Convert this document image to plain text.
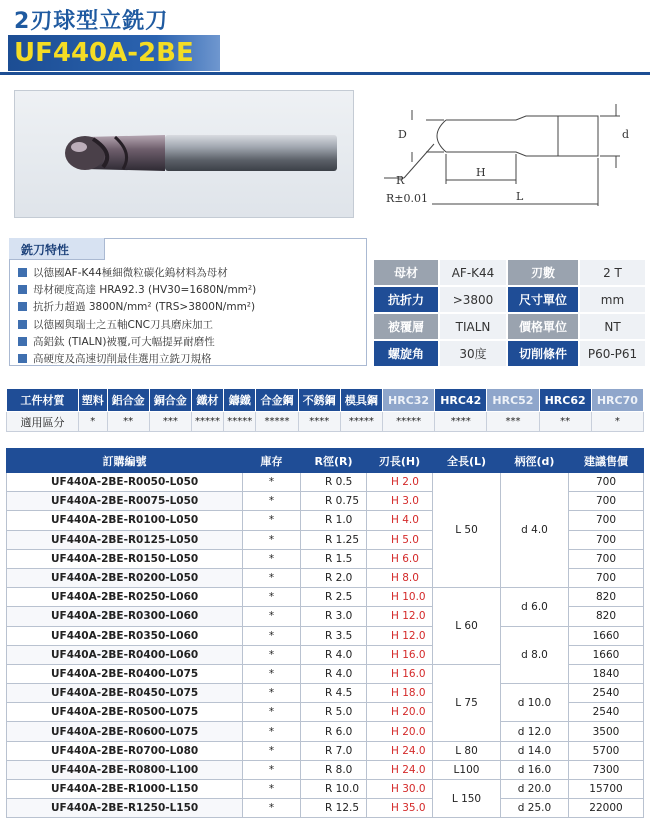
2刃球型立銑刀
UF440A-2BE
D	d
H
L
R
R±0.01
銑刀特性
以德國AF-K44極細微粒碳化鎢材料為母材
母材硬度高達 HRA92.3 (HV30=1680N/mm²)
抗折力超過 3800N/mm² (TRS>3800N/mm²)
以德國與瑞士之五軸CNC刀具磨床加工
高鋁鈦 (TIALN)被覆,可大幅提昇耐磨性
高硬度及高速切削最佳選用立銑刀規格
母材	AF-K44	刃數	2 T
抗折力	>3800	尺寸單位	mm
被覆層	TIALN	價格單位	NT
螺旋角	30度	切削條件	P60-P61
工件材質	塑料	鋁合金	銅合金	鐵材	鑄鐵	合金鋼	不銹鋼	模具鋼	HRC32	HRC42	HRC52	HRC62	HRC70
適用區分	*	**	***	*****	*****	*****	****	*****	*****	****	***	**	*
訂購編號	庫存	R徑(R)	刃長(H)	全長(L)	柄徑(d)	建議售價
UF440A-2BE-R0050-L050	*	R 0.5	H 2.0	L 50	d 4.0	700
UF440A-2BE-R0075-L050	*	R 0.75	H 3.0			700
UF440A-2BE-R0100-L050	*	R 1.0	H 4.0			700
UF440A-2BE-R0125-L050	*	R 1.25	H 5.0			700
UF440A-2BE-R0150-L050	*	R 1.5	H 6.0			700
UF440A-2BE-R0200-L050	*	R 2.0	H 8.0			700
UF440A-2BE-R0250-L060	*	R 2.5	H 10.0	L 60	d 6.0	820
UF440A-2BE-R0300-L060	*	R 3.0	H 12.0			820
UF440A-2BE-R0350-L060	*	R 3.5	H 12.0		d 8.0	1660
UF440A-2BE-R0400-L060	*	R 4.0	H 16.0			1660
UF440A-2BE-R0400-L075	*	R 4.0	H 16.0	L 75		1840
UF440A-2BE-R0450-L075	*	R 4.5	H 18.0		d 10.0	2540
UF440A-2BE-R0500-L075	*	R 5.0	H 20.0			2540
UF440A-2BE-R0600-L075	*	R 6.0	H 20.0		d 12.0	3500
UF440A-2BE-R0700-L080	*	R 7.0	H 24.0	L 80	d 14.0	5700
UF440A-2BE-R0800-L100	*	R 8.0	H 24.0	L100	d 16.0	7300
UF440A-2BE-R1000-L150	*	R 10.0	H 30.0	L 150	d 20.0	15700
UF440A-2BE-R1250-L150	*	R 12.5	H 35.0		d 25.0	22000
